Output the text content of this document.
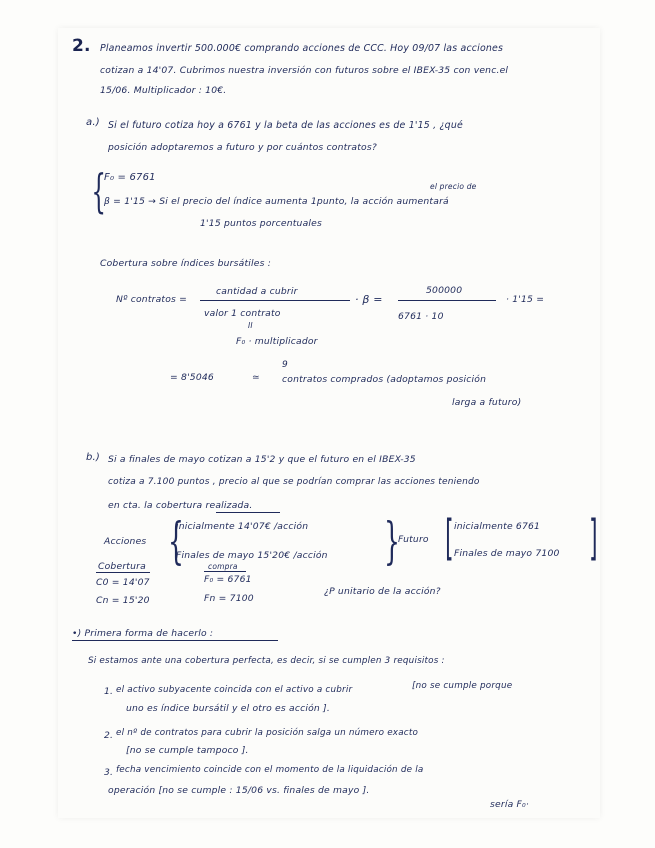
2. Planeamos invertir 500.000€ comprando acciones de CCC. Hoy 09/07 las acciones
cotizan a 14'07. Cubrimos nuestra inversión con futuros sobre el IBEX-35 con venc.el
15/06. Multiplicador : 10€.
a.) Si el futuro cotiza hoy a 6761 y la beta de las acciones es de 1'15 , ¿qué
posición adoptaremos a futuro y por cuántos contratos?
{
F₀ = 6761
el precio de
β = 1'15 → Si el precio del índice aumenta 1punto, la acción aumentará
1'15 puntos porcentuales
Cobertura sobre índices bursátiles :
Nº contratos =
cantidad a cubrir
valor 1 contrato
II
F₀ · multiplicador
· β =
500000
6761 · 10
· 1'15 =
= 8'5046	≃
9
contratos comprados (adoptamos posición
larga a futuro)
b.) Si a finales de mayo cotizan a 15'2 y que el futuro en el IBEX-35
cotiza a 7.100 puntos , precio al que se podrían comprar las acciones teniendo
en cta. la cobertura realizada.
Acciones {
inicialmente 14'07€ /acción
Finales de mayo 15'20€ /acción }
Futuro [ inicialmente 6761
Finales de mayo 7100 ]
Cobertura	compra
C0 = 14'07	F₀ = 6761
Cn = 15'20	Fn = 7100
¿P unitario de la acción?
•) Primera forma de hacerlo :
Si estamos ante una cobertura perfecta, es decir, si se cumplen 3 requisitos :
1. el activo subyacente coincida con el activo a cubrir	[no se cumple porque
uno es índice bursátil y el otro es acción ].
2. el nº de contratos para cubrir la posición salga un número exacto
[no se cumple tampoco ].
3. fecha vencimiento coincide con el momento de la liquidación de la
operación [no se cumple : 15/06 vs. finales de mayo ].
sería F₀·
